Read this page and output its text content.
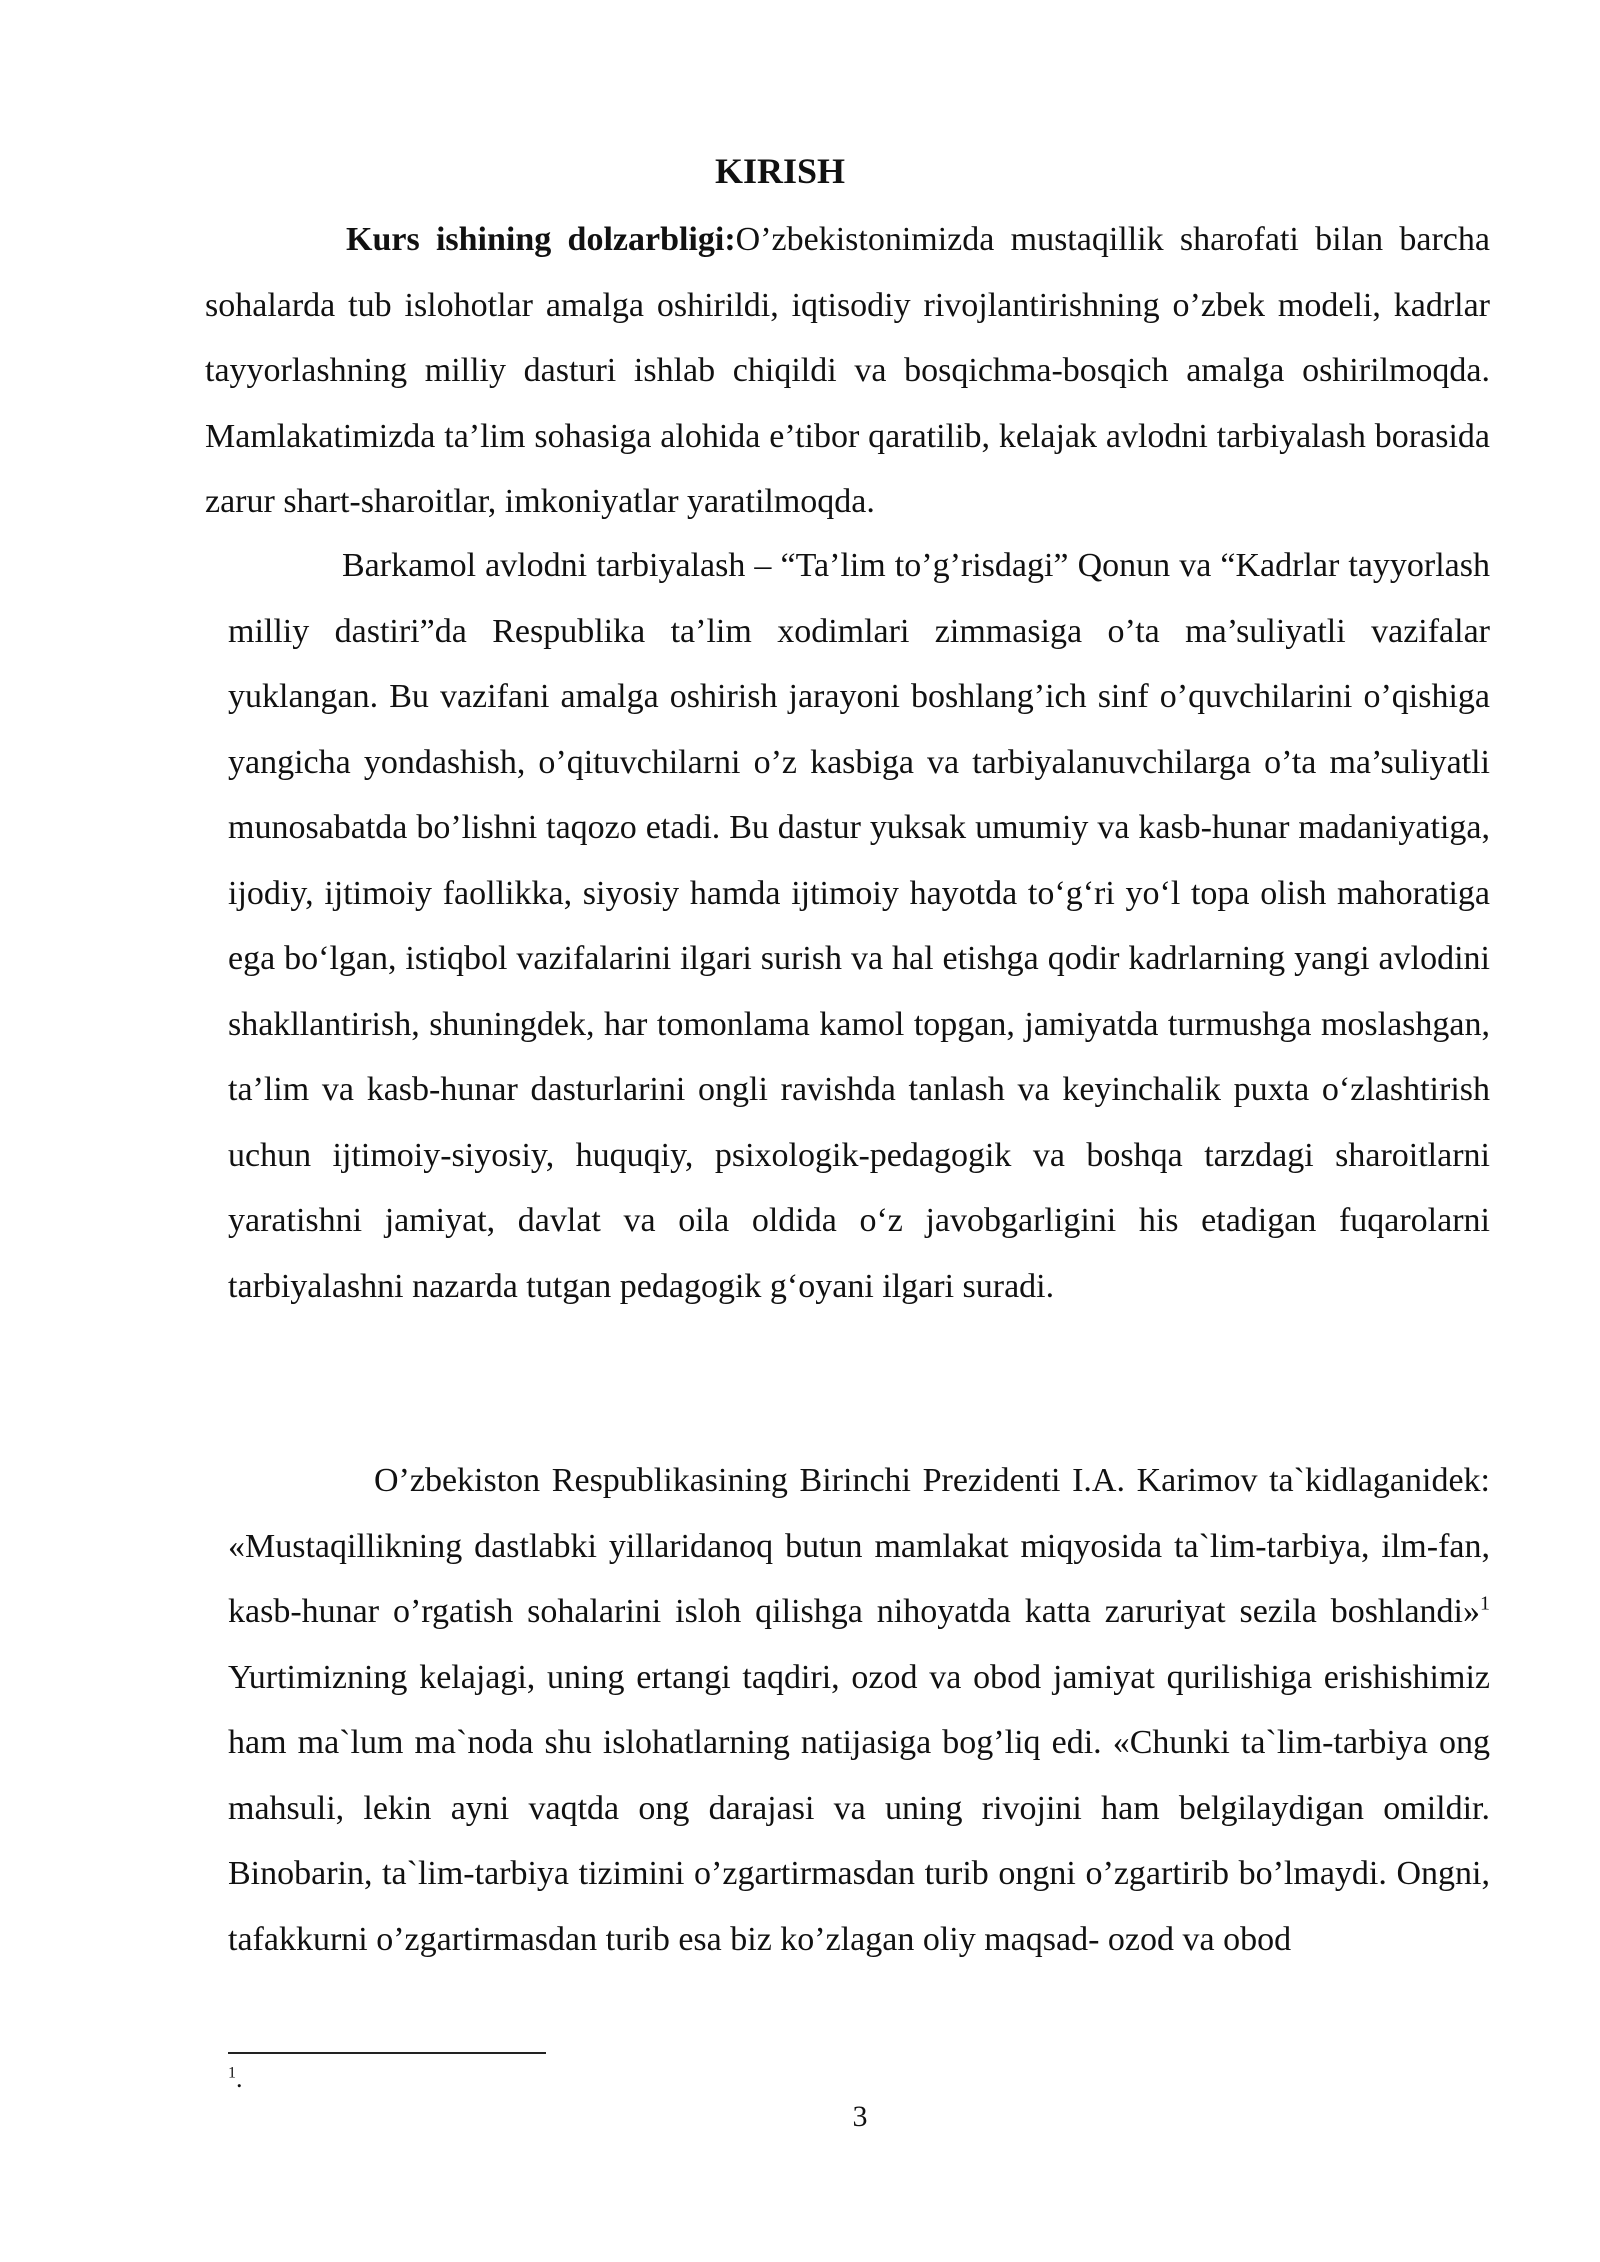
KIRISH

Kurs ishining dolzarbligi:O’zbekistonimizda mustaqillik sharofati bilan barcha sohalarda tub islohotlar amalga oshirildi, iqtisodiy rivojlantirishning o’zbek modeli, kadrlar tayyorlashning milliy dasturi ishlab chiqildi va bosqichma-bosqich amalga oshirilmoqda. Mamlakatimizda ta’lim sohasiga alohida e’tibor qaratilib, kelajak avlodni tarbiyalash borasida zarur shart-sharoitlar, imkoniyatlar yaratilmoqda.

Barkamol avlodni tarbiyalash – “Ta’lim to’g’risdagi” Qonun va “Kadrlar tayyorlash milliy dastiri”da Respublika ta’lim xodimlari zimmasiga o’ta ma’suliyatli vazifalar yuklangan. Bu vazifani amalga oshirish jarayoni boshlang’ich sinf o’quvchilarini o’qishiga yangicha yondashish, o’qituvchilarni o’z kasbiga va tarbiyalanuvchilarga o’ta ma’suliyatli munosabatda bo’lishni taqozo etadi. Bu dastur yuksak umumiy va kasb-hunar madaniyatiga, ijodiy, ijtimoiy faollikka, siyosiy hamda ijtimoiy hayotda to‘g‘ri yo‘l topa olish mahoratiga ega bo‘lgan, istiqbol vazifalarini ilgari surish va hal etishga qodir kadrlarning yangi avlodini shakllantirish, shuningdek, har tomonlama kamol topgan, jamiyatda turmushga moslashgan, ta’lim va kasb-hunar dasturlarini ongli ravishda tanlash va keyinchalik puxta o‘zlashtirish uchun ijtimoiy-siyosiy, huquqiy, psixologik-pedagogik va boshqa tarzdagi sharoitlarni yaratishni jamiyat, davlat va oila oldida o‘z javobgarligini his etadigan fuqarolarni tarbiyalashni nazarda tutgan pedagogik g‘oyani ilgari suradi.

O’zbekiston Respublikasining Birinchi Prezidenti I.A. Karimov ta`kidlaganidek: «Mustaqillikning dastlabki yillaridanoq butun mamlakat miqyosida ta`lim-tarbiya, ilm-fan, kasb-hunar o’rgatish sohalarini isloh qilishga nihoyatda katta zaruriyat sezila boshlandi»$^1$ Yurtimizning kelajagi, uning ertangi taqdiri, ozod va obod jamiyat qurilishiga erishishimiz ham ma`lum ma`noda shu islohatlarning natijasiga bog’liq edi. «Chunki ta`lim-tarbiya ong mahsuli, lekin ayni vaqtda ong darajasi va uning rivojini ham belgilaydigan omildir. Binobarin, ta`lim-tarbiya tizimini o’zgartirmasdan turib ongni o’zgartirib bo’lmaydi. Ongni, tafakkurni o’zgartirmasdan turib esa biz ko’zlagan oliy maqsad- ozod va obod

$^1$.
3
